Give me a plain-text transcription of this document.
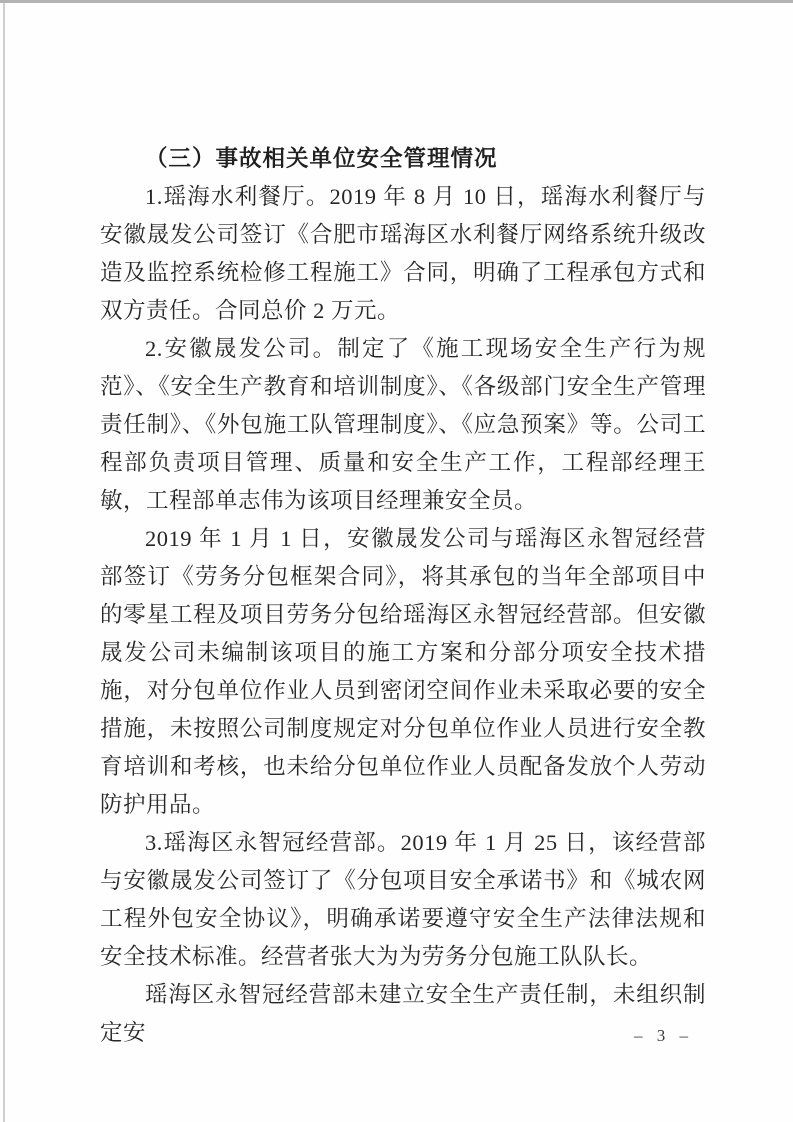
（三）事故相关单位安全管理情况

1.瑶海水利餐厅。2019 年 8 月 10 日，瑶海水利餐厅与安徽晟发公司签订《合肥市瑶海区水利餐厅网络系统升级改造及监控系统检修工程施工》合同，明确了工程承包方式和双方责任。合同总价 2 万元。

2.安徽晟发公司。制定了《施工现场安全生产行为规范》、《安全生产教育和培训制度》、《各级部门安全生产管理责任制》、《外包施工队管理制度》、《应急预案》等。公司工程部负责项目管理、质量和安全生产工作，工程部经理王敏，工程部单志伟为该项目经理兼安全员。

2019 年 1 月 1 日，安徽晟发公司与瑶海区永智冠经营部签订《劳务分包框架合同》，将其承包的当年全部项目中的零星工程及项目劳务分包给瑶海区永智冠经营部。但安徽晟发公司未编制该项目的施工方案和分部分项安全技术措施，对分包单位作业人员到密闭空间作业未采取必要的安全措施，未按照公司制度规定对分包单位作业人员进行安全教育培训和考核，也未给分包单位作业人员配备发放个人劳动防护用品。

3.瑶海区永智冠经营部。2019 年 1 月 25 日，该经营部与安徽晟发公司签订了《分包项目安全承诺书》和《城农网工程外包安全协议》，明确承诺要遵守安全生产法律法规和安全技术标准。经营者张大为为劳务分包施工队队长。

瑶海区永智冠经营部未建立安全生产责任制，未组织制定安	– 3 –
